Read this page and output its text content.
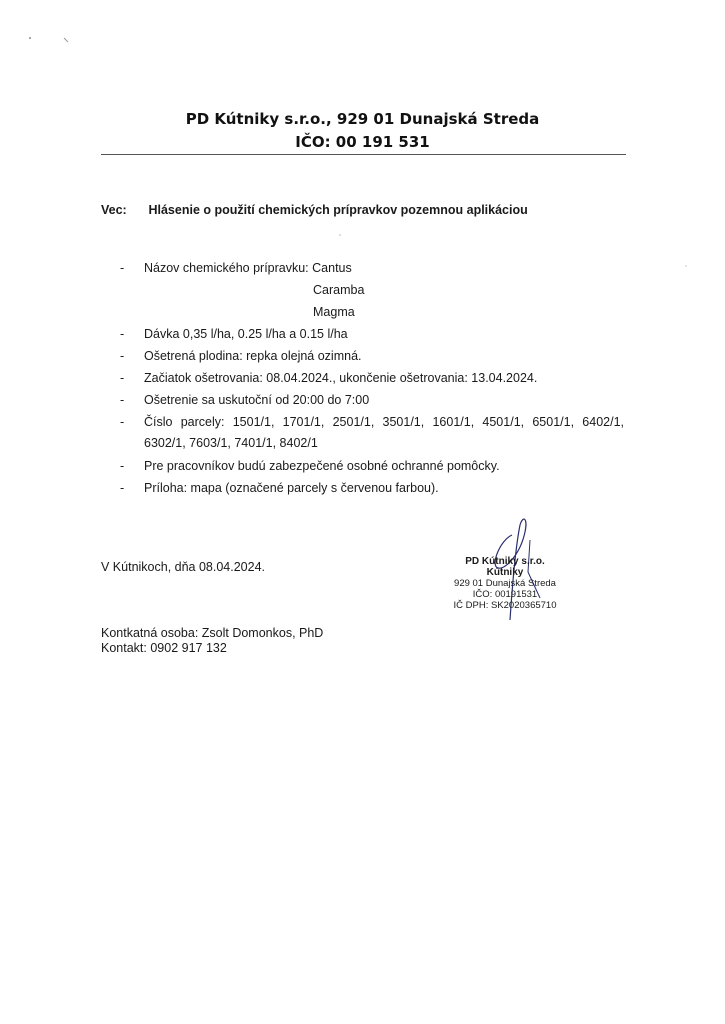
PD Kútniky s.r.o., 929 01 Dunajská Streda
IČO: 00 191 531
Vec: Hlásenie o použití chemických prípravkov pozemnou aplikáciou
- Názov chemického prípravku: Cantus
Caramba
Magma
- Dávka 0,35 l/ha, 0.25 l/ha a 0.15 l/ha
- Ošetrená plodina: repka olejná ozimná.
- Začiatok ošetrovania: 08.04.2024., ukončenie ošetrovania: 13.04.2024.
- Ošetrenie sa uskutoční od 20:00 do 7:00
- Číslo parcely: 1501/1, 1701/1, 2501/1, 3501/1, 1601/1, 4501/1, 6501/1, 6402/1,
6302/1, 7603/1, 7401/1, 8402/1
- Pre pracovníkov budú zabezpečené osobné ochranné pomôcky.
- Príloha: mapa (označené parcely s červenou farbou).
V Kútnikoch, dňa 08.04.2024.	PD Kútniky s.r.o.
Kútniky
929 01 Dunajská Streda
IČO: 00191531
IČ DPH: SK2020365710
Kontkatná osoba: Zsolt Domonkos, PhD
Kontakt: 0902 917 132
